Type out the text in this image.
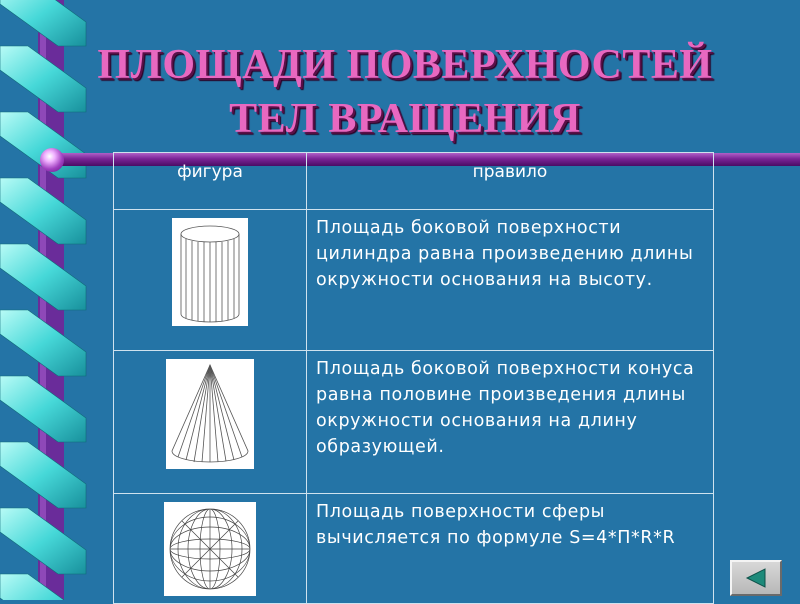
ПЛОЩАДИ ПОВЕРХНОСТЕЙ
ТЕЛ ВРАЩЕНИЯ
фигура	правило

Площадь боковой поверхности цилиндра равна произведению длины окружности основания на высоту.

Площадь боковой поверхности конуса равна половине произведения длины окружности основания на длину образующей.

Площадь поверхности сферы вычисляется по формуле S=4*П*R*R
